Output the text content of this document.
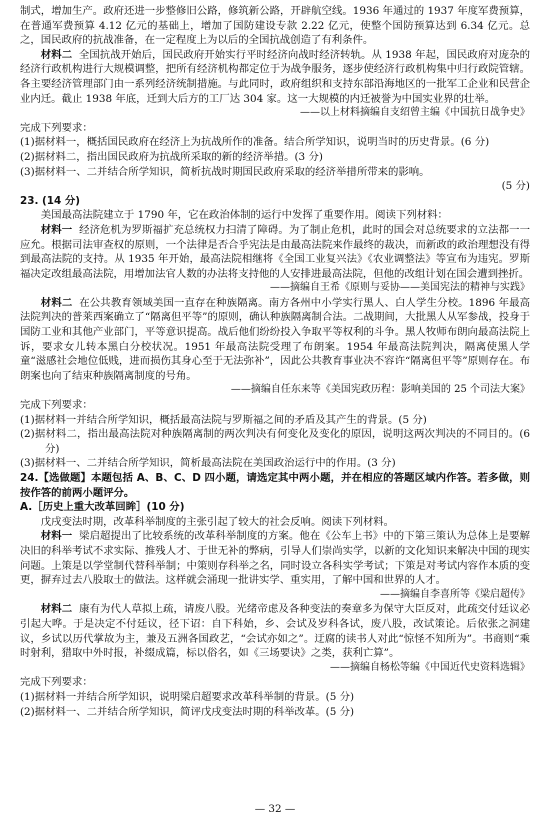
制式，增加生产。政府还进一步整修旧公路，修筑新公路，开辟航空线。1936 年通过的 1937 年度军费预算，在普通军费预算 4.12 亿元的基础上，增加了国防建设专款 2.22 亿元，使整个国防预算达到 6.34 亿元。总之，国民政府的抗战准备，在一定程度上为以后的全国抗战创造了有利条件。

材料二 全国抗战开始后，国民政府开始实行平时经济向战时经济转轨。从 1938 年起，国民政府对庞杂的经济行政机构进行大规模调整，把所有经济机构都定位于为战争服务，逐步使经济行政机构集中归行政院管辖。各主要经济管理部门由一系列经济统制措施。与此同时，政府组织和支持东部沿海地区的一批军工企业和民营企业内迁。截止 1938 年底，迁到大后方的工厂达 304 家。这一大规模的内迁被誉为中国实业界的壮举。

——以上材料摘编自支绍曾主编《中国抗日战争史》

完成下列要求：

(1)据材料一，概括国民政府在经济上为抗战所作的准备。结合所学知识，说明当时的历史背景。(6 分)

(2)据材料二，指出国民政府为抗战所采取的新的经济举措。(3 分)

(3)据材料一、二并结合所学知识，简析抗战时期国民政府采取的经济举措所带来的影响。

(5 分)

23. (14 分)

美国最高法院建立于 1790 年，它在政治体制的运行中发挥了重要作用。阅读下列材料：

材料一 经济危机为罗斯福扩充总统权力扫清了障碍。为了制止危机，此时的国会对总统要求的立法都一一应允。根据司法审查权的原则，一个法律是否合乎宪法是由最高法院来作最终的裁决，而新政的政治理想没有得到最高法院的支持。从 1935 年开始，最高法院相继将《全国工业复兴法》《农业调整法》等宣布为违宪。罗斯福决定改组最高法院，用增加法官人数的办法将支持他的人安排进最高法院，但他的改组计划在国会遭到挫折。

——摘编自王希《原则与妥协——美国宪法的精神与实践》

材料二 在公共教育领域美国一直存在种族隔离。南方各州中小学实行黑人、白人学生分校。1896 年最高法院判决的普莱西案确立了“隔离但平等”的原则，确认种族隔离制合法。二战期间，大批黑人从军参战，投身于国防工业和其他产业部门，平等意识提高。战后他们纷纷投入争取平等权利的斗争。黑人牧师布朗向最高法院上诉，要求女儿转本黑白分校状况。1951 年最高法院受理了布朗案。1954 年最高法院判决，隔离使黑人学童“滋感社会地位低贱，进而损伤其身心至于无法弥补”，因此公共教育事业决不容许“隔离但平等”原则存在。布朗案也向了结束种族隔离制度的号角。

——摘编自任东来等《美国宪政历程：影响美国的 25 个司法大案》

完成下列要求：

(1)据材料一并结合所学知识，概括最高法院与罗斯福之间的矛盾及其产生的背景。(5 分)

(2)据材料二，指出最高法院对种族隔离制的两次判决有何变化及变化的原因，说明这两次判决的不同目的。(6 分)

(3)据材料一、二并结合所学知识，简析最高法院在美国政治运行中的作用。(3 分)

24.【选做题】本题包括 A、B、C、D 四小题，请选定其中两小题，并在相应的答题区域内作答。若多做，则按作答的前两小题评分。

A.［历史上重大改革回眸］(10 分)

戊戌变法时期，改革科举制度的主张引起了较大的社会反响。阅读下列材料。

材料一 梁启超提出了比较系统的改革科举制度的方案。他在《公车上书》中的下第三策认为总体上是要解决旧的科举考试不求实际、推残人才、于世无补的弊病，引导人们崇尚实学，以新的文化知识来解决中国的现实问题。上策是以学堂制代替科举制；中策则存科举之名，同时设立各科实学考试；下策是对考试内容作本质的变更，摒弃过去八股取士的做法。这样就会涌现一批讲实学、重实用，了解中国和世界的人才。

——摘编自李喜所等《梁启超传》

材料二 康有为代人草拟上疏，请废八股。光绪帝虑及各种变法的奏章多为保守大臣反对，此疏交付廷议必引起大哗。于是决定不付廷议，径下诏：自下科始，乡、会试及岁科各试，废八股，改试策论。后依张之洞建议，乡试以历代掌故为主，兼及五洲各国政艺，“会试亦如之”。迂腐的读书人对此“惊怪不知所为”。书商则“乘时射利，猎取中外时报，补缀成篇，标以俗名，如《三场要诀》之类，获利亡算”。

——摘编自杨松等编《中国近代史资料选辑》

完成下列要求：

(1)据材料一并结合所学知识，说明梁启超要求改革科举制的背景。(5 分)

(2)据材料一、二并结合所学知识，简评戊戌变法时期的科举改革。(5 分)

— 32 —
